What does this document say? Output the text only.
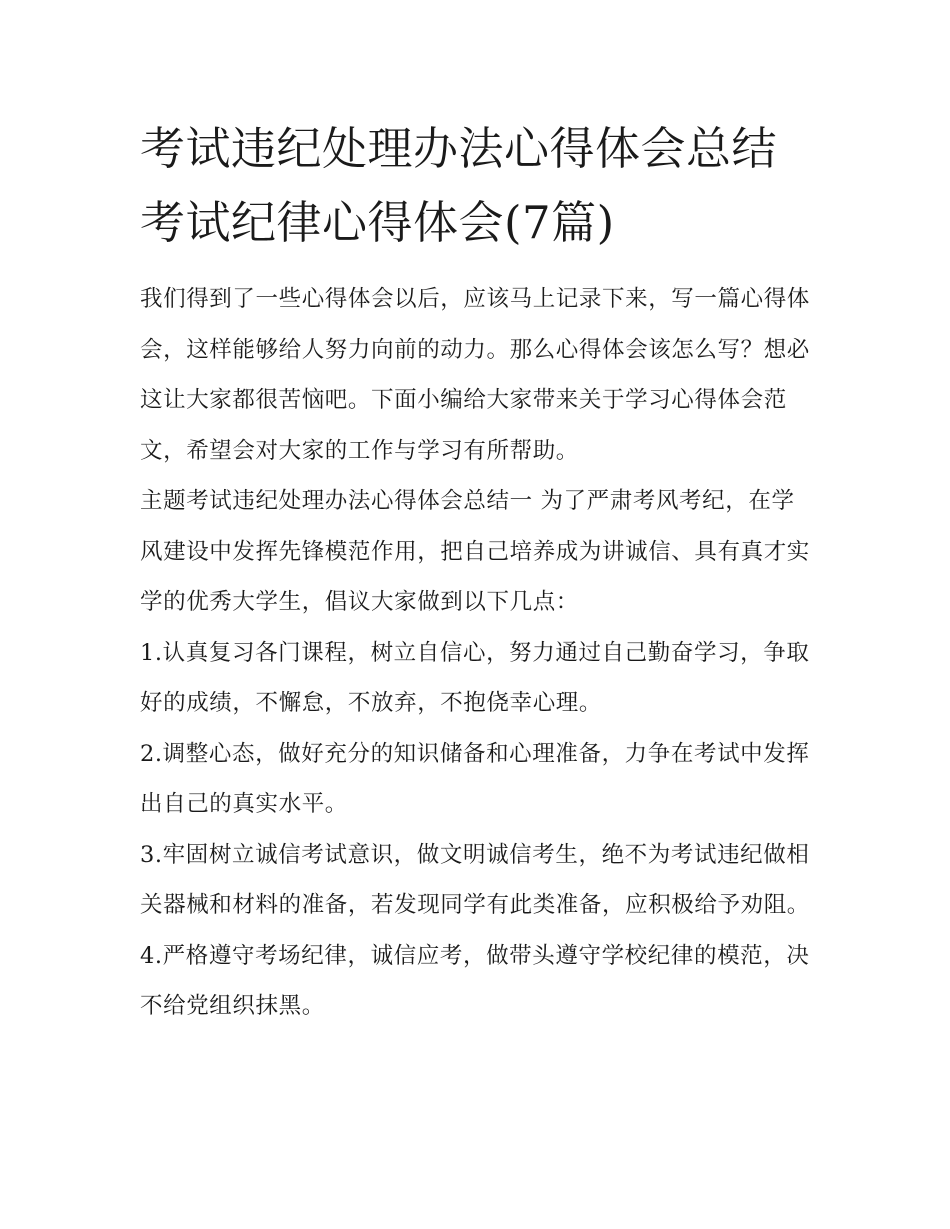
考试违纪处理办法心得体会总结 考试纪律心得体会(7篇)

我们得到了一些心得体会以后，应该马上记录下来，写一篇心得体会，这样能够给人努力向前的动力。那么心得体会该怎么写？想必这让大家都很苦恼吧。下面小编给大家带来关于学习心得体会范文，希望会对大家的工作与学习有所帮助。

主题考试违纪处理办法心得体会总结一 为了严肃考风考纪，在学风建设中发挥先锋模范作用，把自己培养成为讲诚信、具有真才实学的优秀大学生，倡议大家做到以下几点：

1.认真复习各门课程，树立自信心，努力通过自己勤奋学习，争取好的成绩，不懈怠，不放弃，不抱侥幸心理。

2.调整心态，做好充分的知识储备和心理准备，力争在考试中发挥出自己的真实水平。

3.牢固树立诚信考试意识，做文明诚信考生，绝不为考试违纪做相关器械和材料的准备，若发现同学有此类准备，应积极给予劝阻。

4.严格遵守考场纪律，诚信应考，做带头遵守学校纪律的模范，决不给党组织抹黑。
